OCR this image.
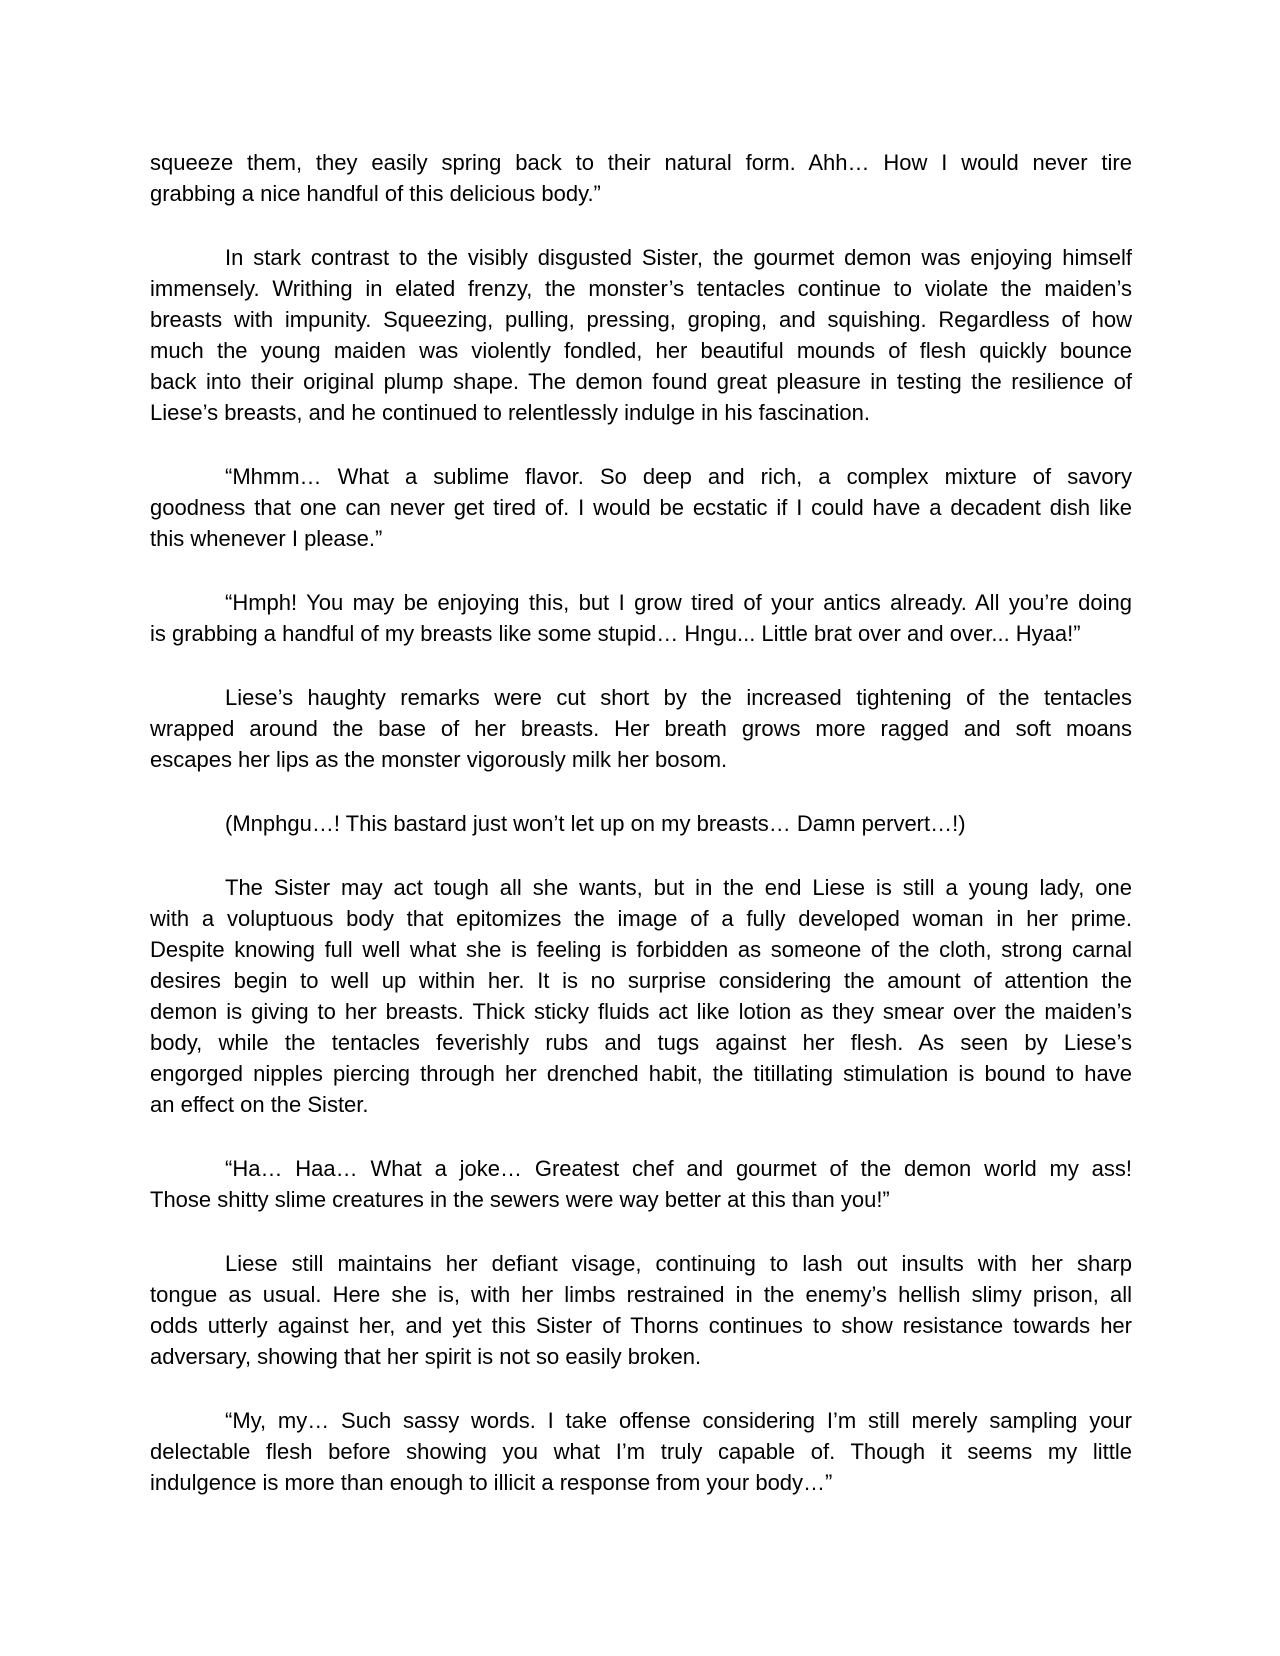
squeeze them, they easily spring back to their natural form. Ahh… How I would never tire
grabbing a nice handful of this delicious body.”

In stark contrast to the visibly disgusted Sister, the gourmet demon was enjoying himself
immensely. Writhing in elated frenzy, the monster’s tentacles continue to violate the maiden’s
breasts with impunity. Squeezing, pulling, pressing, groping, and squishing. Regardless of how
much the young maiden was violently fondled, her beautiful mounds of flesh quickly bounce
back into their original plump shape. The demon found great pleasure in testing the resilience of
Liese’s breasts, and he continued to relentlessly indulge in his fascination.

“Mhmm… What a sublime flavor. So deep and rich, a complex mixture of savory
goodness that one can never get tired of. I would be ecstatic if I could have a decadent dish like
this whenever I please.”

“Hmph! You may be enjoying this, but I grow tired of your antics already. All you’re doing
is grabbing a handful of my breasts like some stupid… Hngu... Little brat over and over... Hyaa!”

Liese’s haughty remarks were cut short by the increased tightening of the tentacles
wrapped around the base of her breasts. Her breath grows more ragged and soft moans
escapes her lips as the monster vigorously milk her bosom.

(Mnphgu…! This bastard just won’t let up on my breasts… Damn pervert…!)

The Sister may act tough all she wants, but in the end Liese is still a young lady, one
with a voluptuous body that epitomizes the image of a fully developed woman in her prime.
Despite knowing full well what she is feeling is forbidden as someone of the cloth, strong carnal
desires begin to well up within her. It is no surprise considering the amount of attention the
demon is giving to her breasts. Thick sticky fluids act like lotion as they smear over the maiden’s
body, while the tentacles feverishly rubs and tugs against her flesh. As seen by Liese’s
engorged nipples piercing through her drenched habit, the titillating stimulation is bound to have
an effect on the Sister.

“Ha… Haa… What a joke… Greatest chef and gourmet of the demon world my ass!
Those shitty slime creatures in the sewers were way better at this than you!”

Liese still maintains her defiant visage, continuing to lash out insults with her sharp
tongue as usual. Here she is, with her limbs restrained in the enemy’s hellish slimy prison, all
odds utterly against her, and yet this Sister of Thorns continues to show resistance towards her
adversary, showing that her spirit is not so easily broken.

“My, my… Such sassy words. I take offense considering I’m still merely sampling your
delectable flesh before showing you what I’m truly capable of. Though it seems my little
indulgence is more than enough to illicit a response from your body…”
